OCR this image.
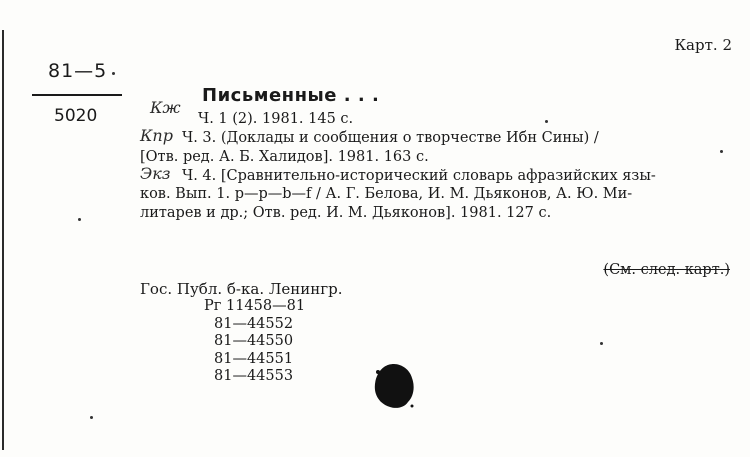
Карт. 2
81—5
5020
Письменные . . .
Кж
Ч. 1 (2). 1981. 145 с.
Кпр Ч. 3. (Доклады и сообщения о творчестве Ибн Сины) /
[Отв. ред. А. Б. Халидов]. 1981. 163 с.
Экз Ч. 4. [Сравнительно-исторический словарь афразийских язы-
ков. Вып. 1. р—р—b—f / А. Г. Белова, И. М. Дьяконов, А. Ю. Ми-
литарев и др.; Отв. ред. И. М. Дьяконов]. 1981. 127 с.
(См. след. карт.)
Гос. Публ. б-ка. Ленингр.
Рг 11458—81
81—44552
81—44550
81—44551
81—44553
